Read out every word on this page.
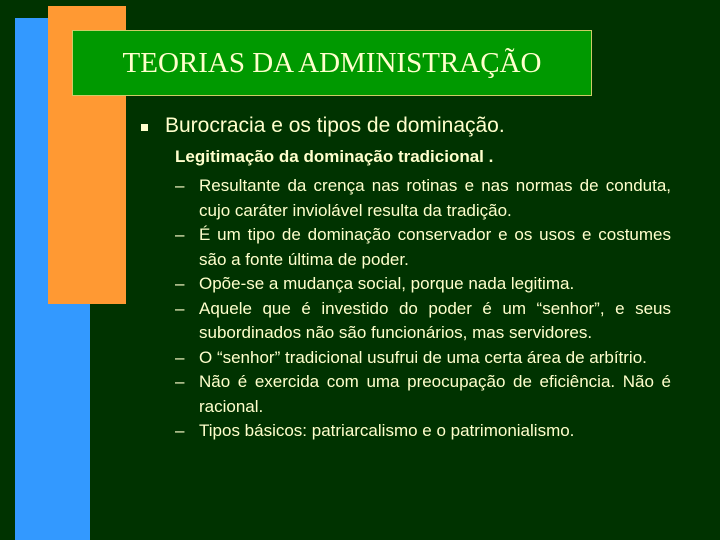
TEORIAS DA ADMINISTRAÇÃO
Burocracia e os tipos de dominação.
Legitimação da dominação tradicional .
– Resultante da crença nas rotinas e nas normas de conduta, cujo caráter inviolável resulta da tradição.
– É um tipo de dominação conservador e os usos e costumes são a fonte última de poder.
– Opõe-se a mudança social, porque nada legitima.
– Aquele que é investido do poder é um “senhor”, e seus subordinados não são funcionários, mas servidores.
– O “senhor” tradicional usufrui de uma certa área de arbítrio.
– Não é exercida com uma preocupação de eficiência. Não é racional.
– Tipos básicos: patriarcalismo e o patrimonialismo.
